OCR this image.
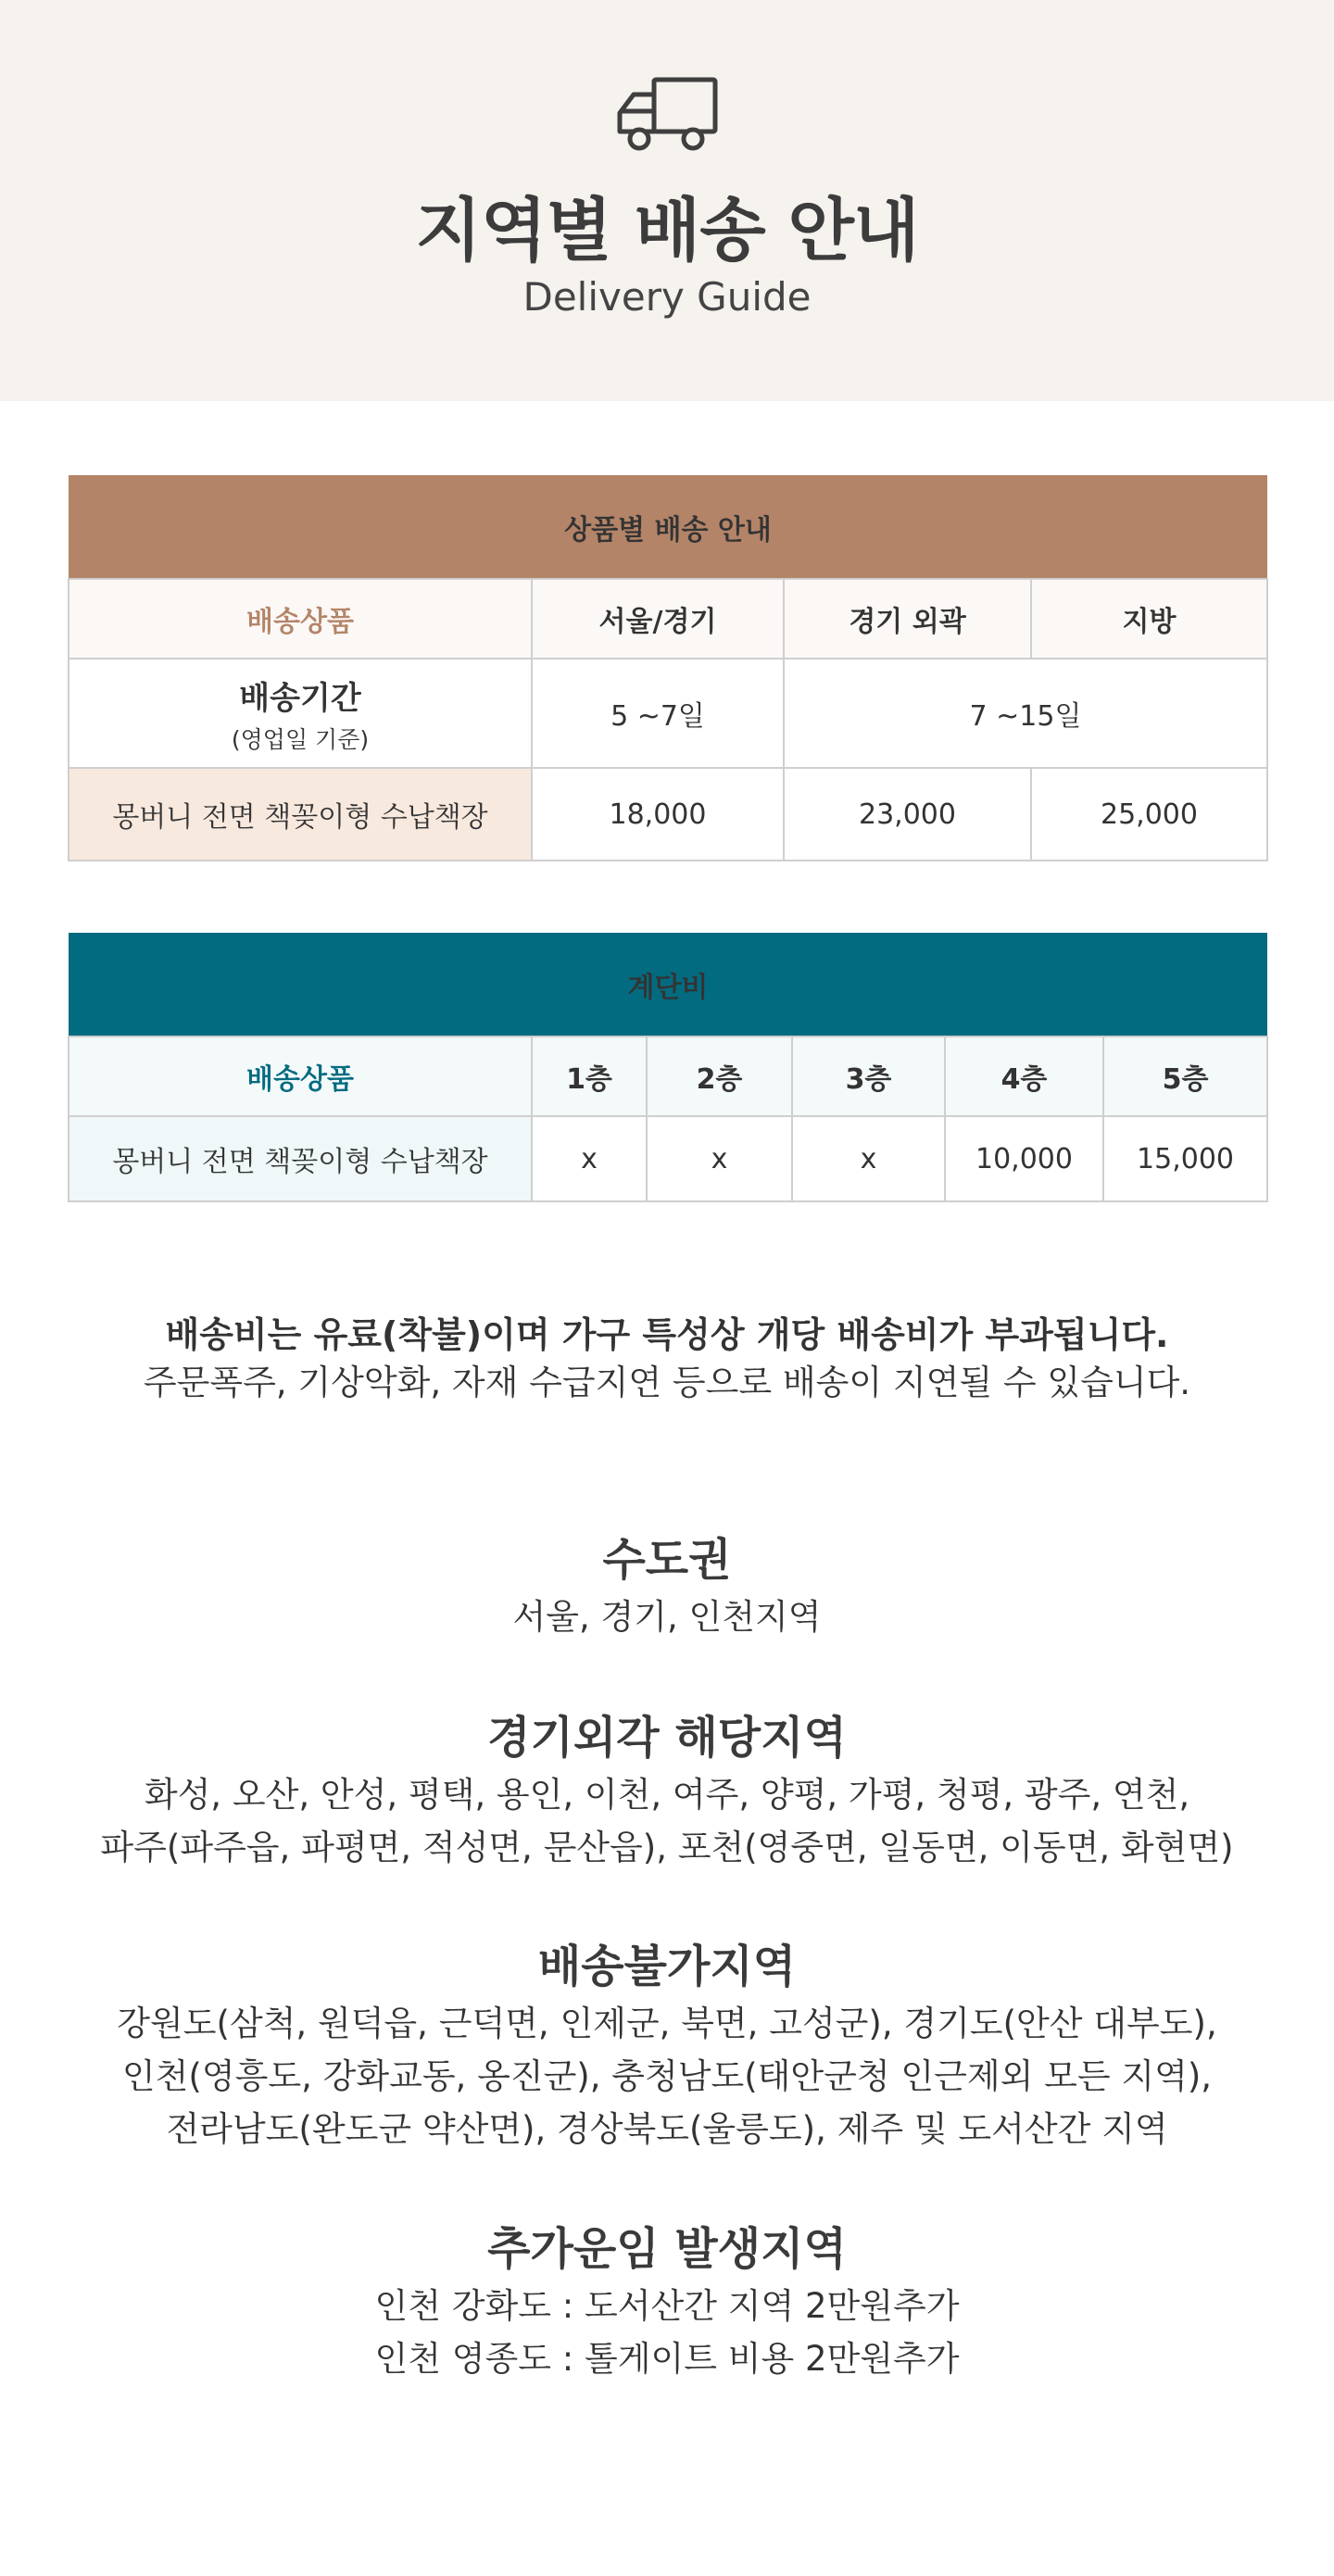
지역별 배송 안내
Delivery Guide
상품별 배송 안내			
배송상품	서울/경기	경기 외곽	지방

배송기간
(영업일 기준)	5 ~7일	7 ~15일	
몽버니 전면 책꽂이형 수납책장	18,000	23,000	25,000
계단비					
배송상품	1층	2층	3층	4층	5층
몽버니 전면 책꽂이형 수납책장	x	x	x	10,000	15,000
배송비는 유료(착불)이며 가구 특성상 개당 배송비가 부과됩니다.
주문폭주, 기상악화, 자재 수급지연 등으로 배송이 지연될 수 있습니다.
수도권

서울, 경기, 인천지역

경기외각 해당지역

화성, 오산, 안성, 평택, 용인, 이천, 여주, 양평, 가평, 청평, 광주, 연천,

파주(파주읍, 파평면, 적성면, 문산읍), 포천(영중면, 일동면, 이동면, 화현면)

배송불가지역

강원도(삼척, 원덕읍, 근덕면, 인제군, 북면, 고성군), 경기도(안산 대부도),

인천(영흥도, 강화교동, 옹진군), 충청남도(태안군청 인근제외 모든 지역),

전라남도(완도군 약산면), 경상북도(울릉도), 제주 및 도서산간 지역

추가운임 발생지역

인천 강화도 : 도서산간 지역 2만원추가

인천 영종도 : 톨게이트 비용 2만원추가
